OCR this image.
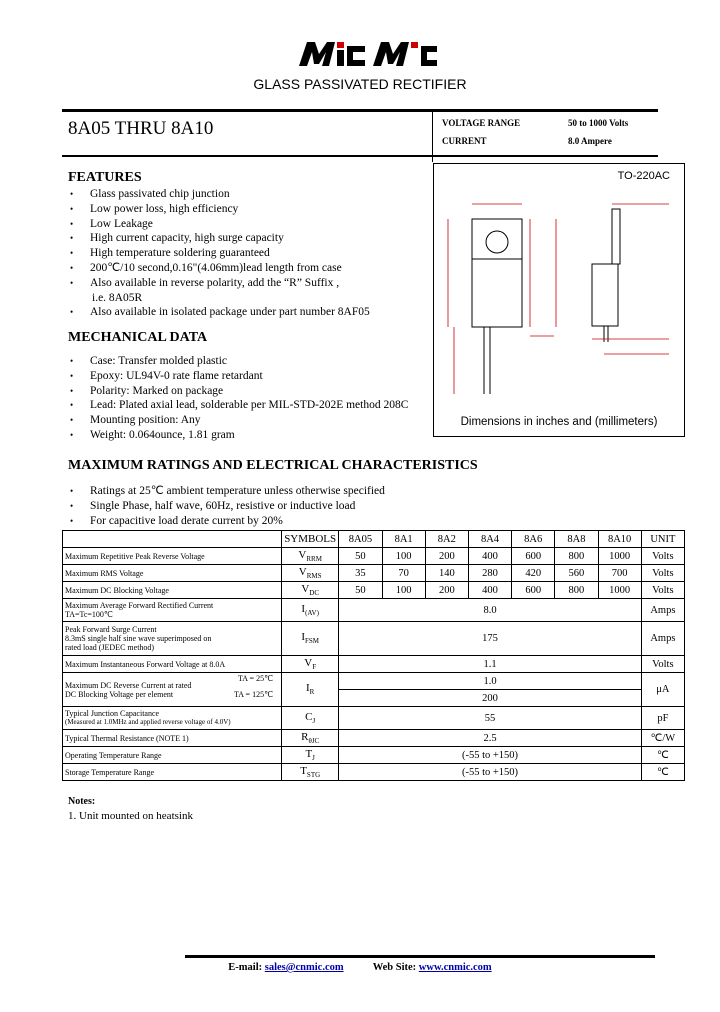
GLASS PASSIVATED RECTIFIER
8A05 THRU 8A10	VOLTAGE RANGE	50 to 1000 Volts
CURRENT	8.0 Ampere
FEATURES
• Glass passivated chip junction
• Low power loss, high efficiency
• Low Leakage
• High current capacity, high surge capacity
• High temperature soldering guaranteed
• 200℃/10 second,0.16"(4.06mm)lead length from case
• Also available in reverse polarity, add the “R” Suffix ,
i.e. 8A05R
• Also available in isolated package under part number 8AF05
MECHANICAL DATA
• Case: Transfer molded plastic
• Epoxy: UL94V-0 rate flame retardant
• Polarity: Marked on package
• Lead: Plated axial lead, solderable per MIL-STD-202E method 208C
• Mounting position: Any
• Weight: 0.064ounce, 1.81 gram
TO-220AC
Dimensions in inches and (millimeters)
MAXIMUM RATINGS AND ELECTRICAL CHARACTERISTICS
• Ratings at 25℃ ambient temperature unless otherwise specified
• Single Phase, half wave, 60Hz, resistive or inductive load
• For capacitive load derate current by 20%
	SYMBOLS	8A05	8A1	8A2	8A4	8A6	8A8	8A10	UNIT
Maximum Repetitive Peak Reverse Voltage	$V_{RRM}$	50	100	200	400	600	800	1000	Volts
Maximum RMS Voltage	$V_{RMS}$	35	70	140	280	420	560	700	Volts
Maximum DC Blocking Voltage	$V_{DC}$	50	100	200	400	600	800	1000	Volts

Maximum Average Forward Rectified Current
TA=Tc=100℃	$I_{(AV)}$	8.0							Amps

Peak Forward Surge Current
8.3mS single half sine wave superimposed on
rated load (JEDEC method)	$I_{FSM}$	175							Amps
Maximum Instantaneous Forward Voltage at 8.0A	$V_F$	1.1							Volts

Maximum DC Reverse Current at rated
DC Blocking Voltage per element
TA = 25℃
TA = 125℃	$I_R$	1.0							μA
		200							

Typical Junction Capacitance
(Measured at 1.0MHz and applied reverse voltage of 4.0V)	$C_J$	55							pF
Typical Thermal Resistance (NOTE 1)	$R_{\theta JC}$	2.5							℃/W
Operating Temperature Range	$T_J$	(-55 to +150)							℃
Storage Temperature Range	$T_{STG}$	(-55 to +150)							℃
Notes:
1. Unit mounted on heatsink
E-mail: sales@cnmic.com	Web Site: www.cnmic.com
